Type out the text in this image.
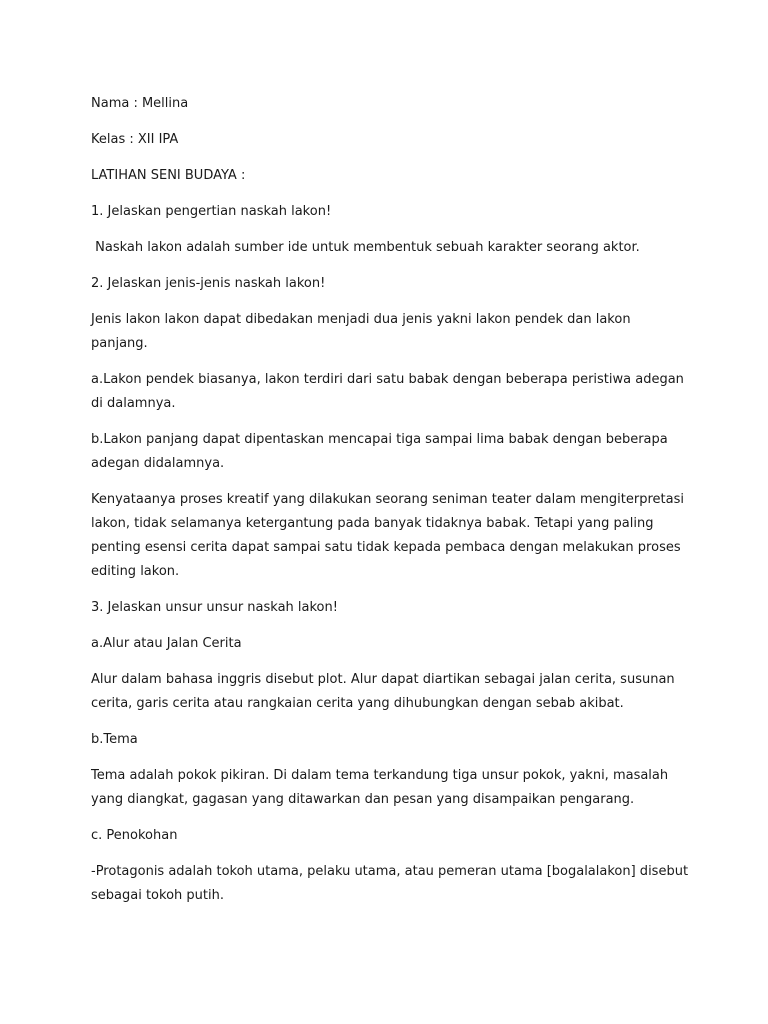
Nama : Mellina

Kelas : XII IPA

LATIHAN SENI BUDAYA :

1. Jelaskan pengertian naskah lakon!

Naskah lakon adalah sumber ide untuk membentuk sebuah karakter seorang aktor.

2. Jelaskan jenis-jenis naskah lakon!

Jenis lakon lakon dapat dibedakan menjadi dua jenis yakni lakon pendek dan lakon panjang.

a.Lakon pendek biasanya, lakon terdiri dari satu babak dengan beberapa peristiwa adegan di dalamnya.

b.Lakon panjang dapat dipentaskan mencapai tiga sampai lima babak dengan beberapa adegan didalamnya.

Kenyataanya proses kreatif yang dilakukan seorang seniman teater dalam mengiterpretasi lakon, tidak selamanya ketergantung pada banyak tidaknya babak. Tetapi yang paling penting esensi cerita dapat sampai satu tidak kepada pembaca dengan melakukan proses editing lakon.

3. Jelaskan unsur unsur naskah lakon!

a.Alur atau Jalan Cerita

Alur dalam bahasa inggris disebut plot. Alur dapat diartikan sebagai jalan cerita, susunan cerita, garis cerita atau rangkaian cerita yang dihubungkan dengan sebab akibat.

b.Tema

Tema adalah pokok pikiran. Di dalam tema terkandung tiga unsur pokok, yakni, masalah yang diangkat, gagasan yang ditawarkan dan pesan yang disampaikan pengarang.

c. Penokohan

-Protagonis adalah tokoh utama, pelaku utama, atau pemeran utama [bogalalakon] disebut sebagai tokoh putih.
